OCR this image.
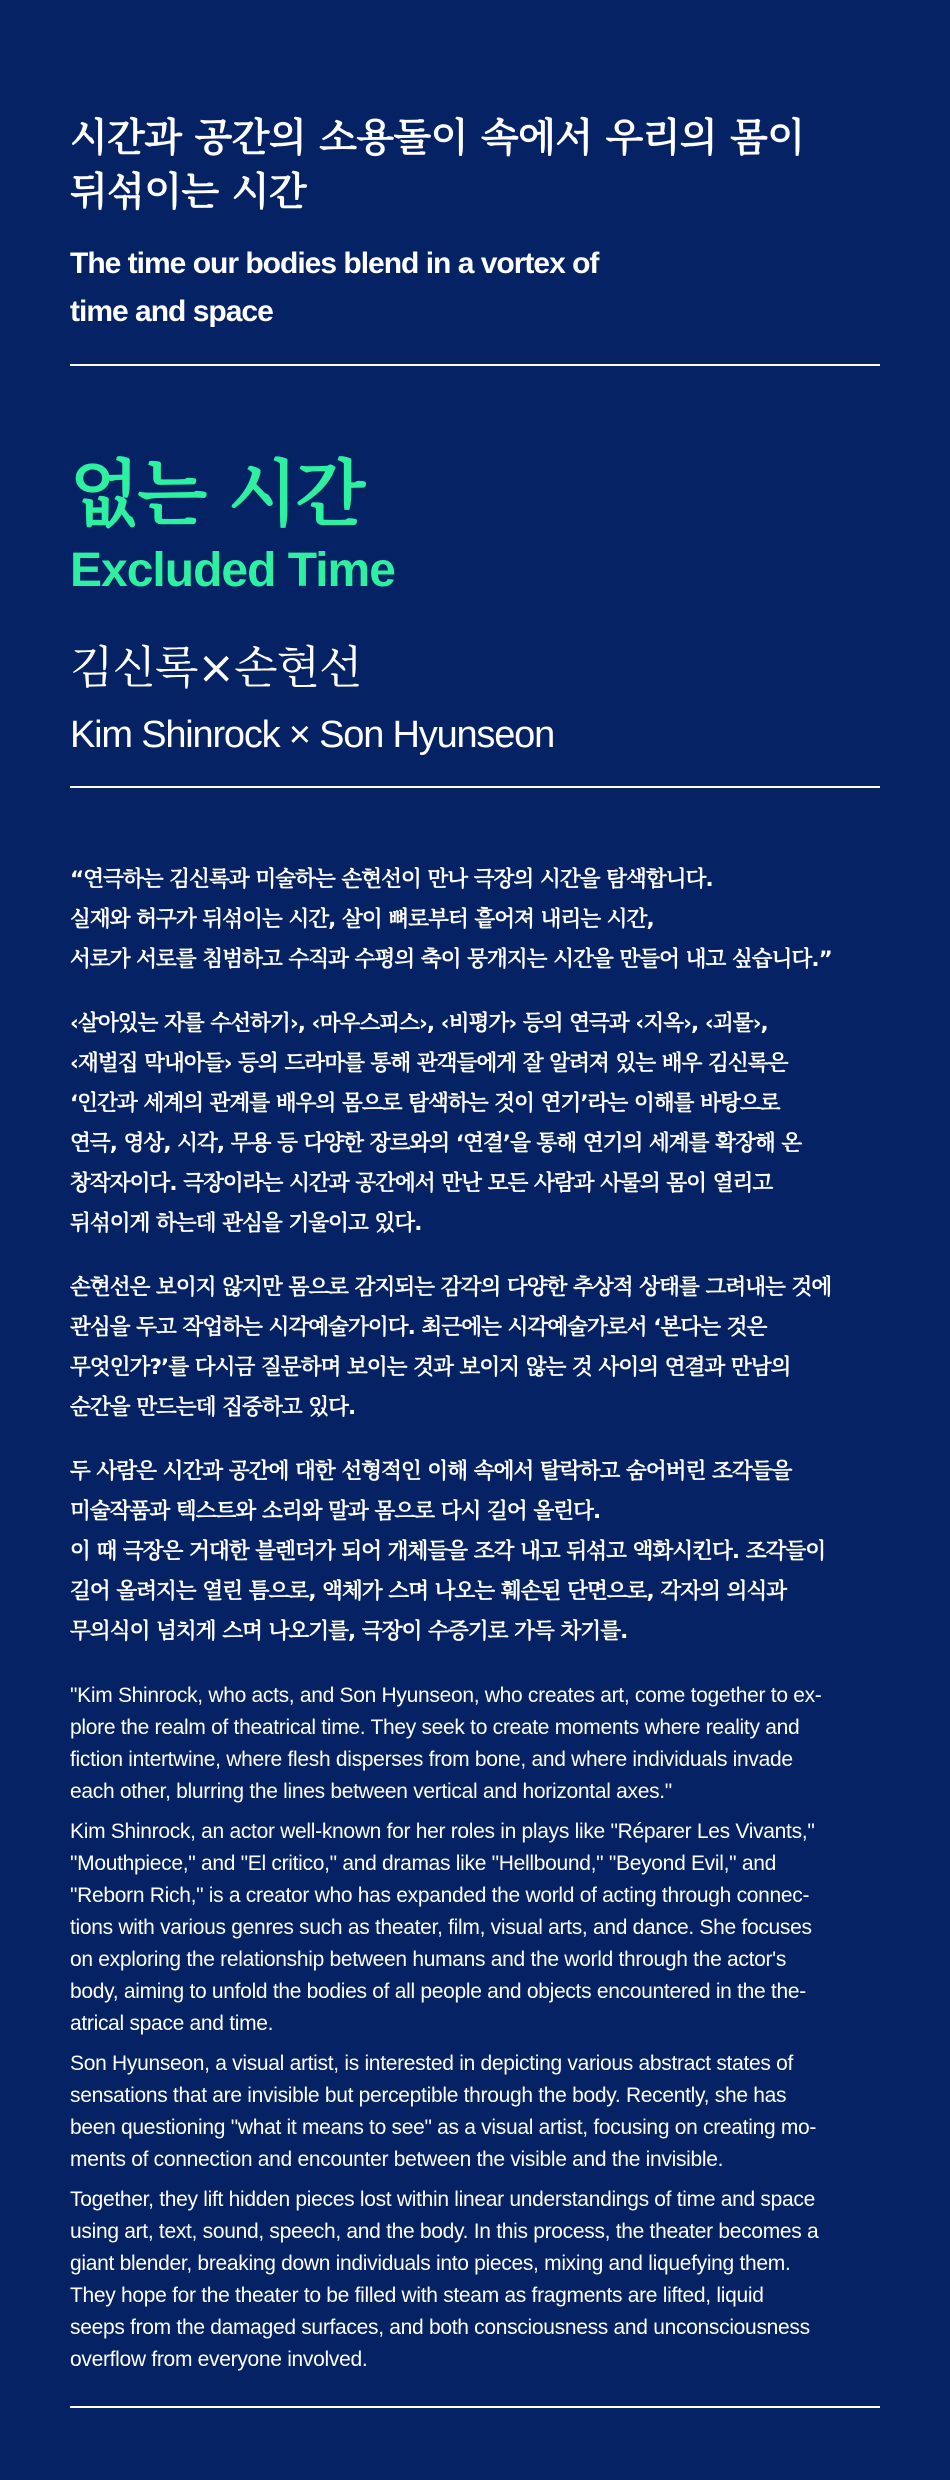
시간과 공간의 소용돌이 속에서 우리의 몸이
뒤섞이는 시간
The time our bodies blend in a vortex of
time and space
없는 시간
Excluded Time
김신록×손현선
Kim Shinrock × Son Hyunseon

“연극하는 김신록과 미술하는 손현선이 만나 극장의 시간을 탐색합니다.
실재와 허구가 뒤섞이는 시간, 살이 뼈로부터 흩어져 내리는 시간,
서로가 서로를 침범하고 수직과 수평의 축이 뭉개지는 시간을 만들어 내고 싶습니다.”

‹살아있는 자를 수선하기›, ‹마우스피스›, ‹비평가› 등의 연극과 ‹지옥›, ‹괴물›,
‹재벌집 막내아들› 등의 드라마를 통해 관객들에게 잘 알려져 있는 배우 김신록은
‘인간과 세계의 관계를 배우의 몸으로 탐색하는 것이 연기’라는 이해를 바탕으로
연극, 영상, 시각, 무용 등 다양한 장르와의 ‘연결’을 통해 연기의 세계를 확장해 온
창작자이다. 극장이라는 시간과 공간에서 만난 모든 사람과 사물의 몸이 열리고
뒤섞이게 하는데 관심을 기울이고 있다.

손현선은 보이지 않지만 몸으로 감지되는 감각의 다양한 추상적 상태를 그려내는 것에
관심을 두고 작업하는 시각예술가이다. 최근에는 시각예술가로서 ‘본다는 것은
무엇인가?’를 다시금 질문하며 보이는 것과 보이지 않는 것 사이의 연결과 만남의
순간을 만드는데 집중하고 있다.

두 사람은 시간과 공간에 대한 선형적인 이해 속에서 탈락하고 숨어버린 조각들을
미술작품과 텍스트와 소리와 말과 몸으로 다시 길어 올린다.
이 때 극장은 거대한 블렌더가 되어 개체들을 조각 내고 뒤섞고 액화시킨다. 조각들이
길어 올려지는 열린 틈으로, 액체가 스며 나오는 훼손된 단면으로, 각자의 의식과
무의식이 넘치게 스며 나오기를, 극장이 수증기로 가득 차기를.

"Kim Shinrock, who acts, and Son Hyunseon, who creates art, come together to ex-
plore the realm of theatrical time. They seek to create moments where reality and
fiction intertwine, where flesh disperses from bone, and where individuals invade
each other, blurring the lines between vertical and horizontal axes."

Kim Shinrock, an actor well-known for her roles in plays like "Réparer Les Vivants,"
"Mouthpiece," and "El critico," and dramas like "Hellbound," "Beyond Evil," and
"Reborn Rich," is a creator who has expanded the world of acting through connec-
tions with various genres such as theater, film, visual arts, and dance. She focuses
on exploring the relationship between humans and the world through the actor's
body, aiming to unfold the bodies of all people and objects encountered in the the-
atrical space and time.

Son Hyunseon, a visual artist, is interested in depicting various abstract states of
sensations that are invisible but perceptible through the body. Recently, she has
been questioning "what it means to see" as a visual artist, focusing on creating mo-
ments of connection and encounter between the visible and the invisible.

Together, they lift hidden pieces lost within linear understandings of time and space
using art, text, sound, speech, and the body. In this process, the theater becomes a
giant blender, breaking down individuals into pieces, mixing and liquefying them.
They hope for the theater to be filled with steam as fragments are lifted, liquid
seeps from the damaged surfaces, and both consciousness and unconsciousness
overflow from everyone involved.
